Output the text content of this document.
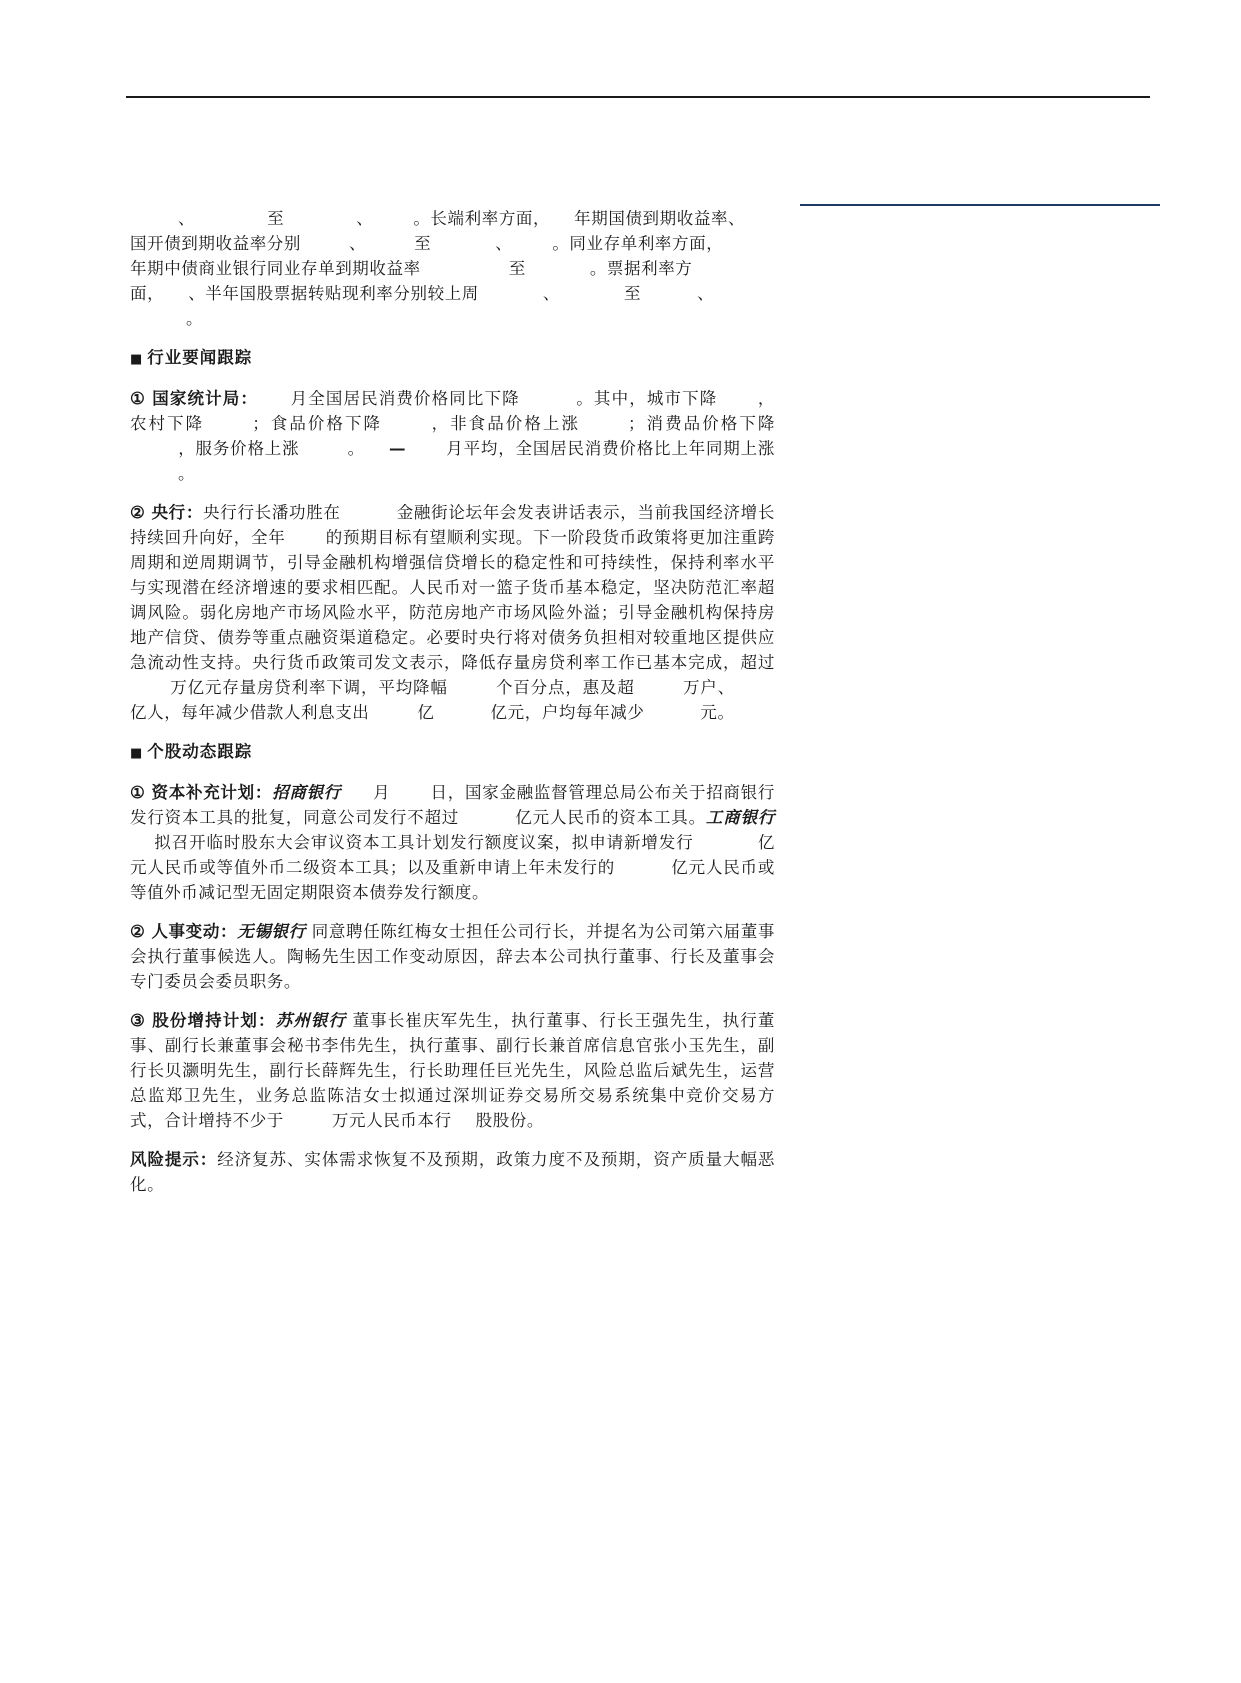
、	至	、 。长端利率方面， 年期国债到期收益率、
国开债到期收益率分别	、	至	、 。同业存单利率方面，
年期中债商业银行同业存单到期收益率	至	。票据利率方
面， 、半年国股票据转贴现利率分别较上周	、	至	、
。

■ 行业要闻跟踪

① 国家统计局： 月全国居民消费价格同比下降	。其中，城市下降 ，农村下降	；食品价格下降	，非食品价格上涨	；消费品价格下降，服务价格上涨	。 — 月平均，全国居民消费价格比上年同期上涨。

② 央行：央行行长潘功胜在	金融街论坛年会发表讲话表示，当前我国经济增长持续回升向好，全年 的预期目标有望顺利实现。下一阶段货币政策将更加注重跨周期和逆周期调节，引导金融机构增强信贷增长的稳定性和可持续性，保持利率水平与实现潜在经济增速的要求相匹配。人民币对一篮子货币基本稳定，坚决防范汇率超调风险。弱化房地产市场风险水平，防范房地产市场风险外溢；引导金融机构保持房地产信贷、债券等重点融资渠道稳定。必要时央行将对债务负担相对较重地区提供应急流动性支持。央行货币政策司发文表示，降低存量房贷利率工作已基本完成，超过万亿元存量房贷利率下调，平均降幅	个百分点，惠及超	万户、亿人，每年减少借款人利息支出	亿	亿元，户均每年减少	元。

■ 个股动态跟踪

① 资本补充计划：招商银行 月 日，国家金融监督管理总局公布关于招商银行发行资本工具的批复，同意公司发行不超过	亿元人民币的资本工具。工商银行拟召开临时股东大会审议资本工具计划发行额度议案，拟申请新增发行	亿元人民币或等值外币二级资本工具；以及重新申请上年未发行的	亿元人民币或等值外币减记型无固定期限资本债券发行额度。

② 人事变动：无锡银行 同意聘任陈红梅女士担任公司行长，并提名为公司第六届董事会执行董事候选人。陶畅先生因工作变动原因，辞去本公司执行董事、行长及董事会专门委员会委员职务。

③ 股份增持计划：苏州银行 董事长崔庆军先生，执行董事、行长王强先生，执行董事、副行长兼董事会秘书李伟先生，执行董事、副行长兼首席信息官张小玉先生，副行长贝灏明先生，副行长薛辉先生，行长助理任巨光先生，风险总监后斌先生，运营总监郑卫先生，业务总监陈洁女士拟通过深圳证券交易所交易系统集中竞价交易方式，合计增持不少于	万元人民币本行 股股份。

风险提示：经济复苏、实体需求恢复不及预期，政策力度不及预期，资产质量大幅恶化。
